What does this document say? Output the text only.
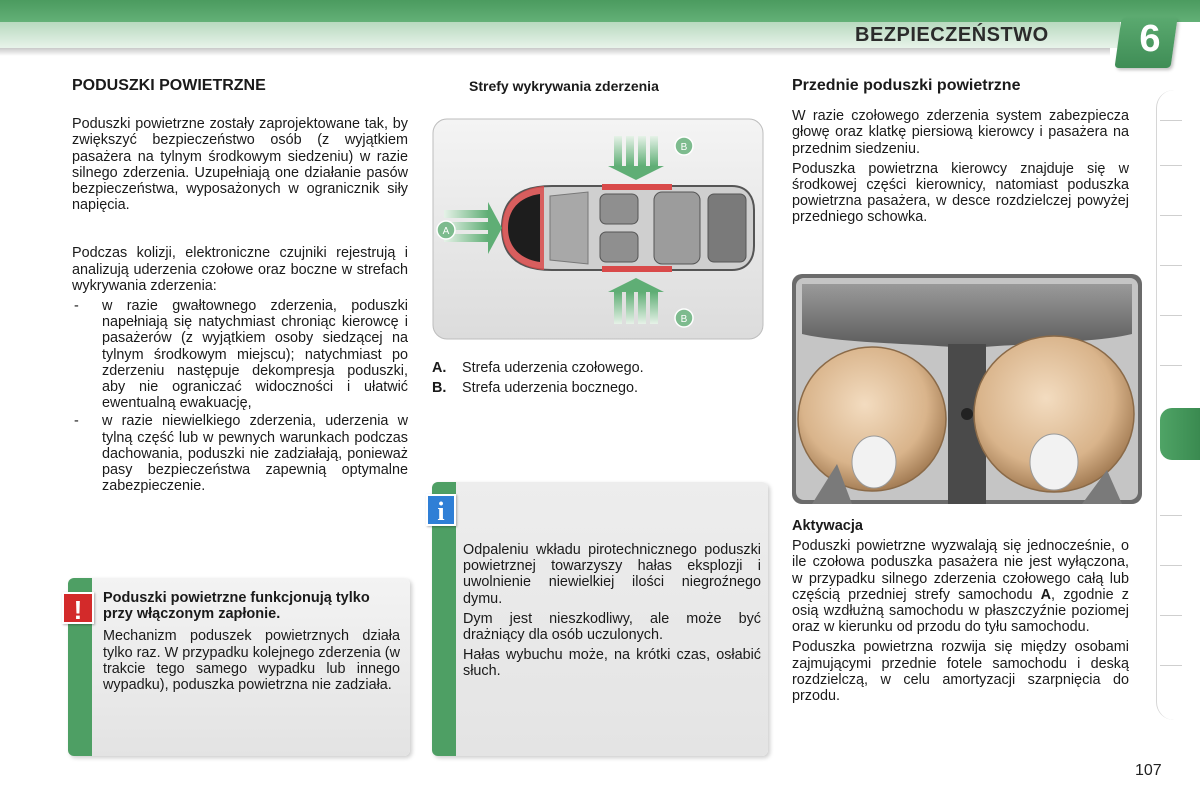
BEZPIECZEŃSTWO 6
PODUSZKI POWIETRZNE

Poduszki powietrzne zostały zaprojektowane tak, by zwiększyć bezpieczeństwo osób (z wyjątkiem pasażera na tylnym środkowym siedzeniu) w razie silnego zderzenia. Uzupełniają one działanie pasów bezpieczeństwa, wyposażonych w ogranicznik siły napięcia.

Podczas kolizji, elektroniczne czujniki rejestrują i analizują uderzenia czołowe oraz boczne w strefach wykrywania zderzenia:

- w razie gwałtownego zderzenia, poduszki napełniają się natychmiast chroniąc kierowcę i pasażerów (z wyjątkiem osoby siedzącej na tylnym środkowym miejscu); natychmiast po zderzeniu następuje dekompresja poduszki, aby nie ograniczać widoczności i ułatwić ewentualną ewakuację,
- w razie niewielkiego zderzenia, uderzenia w tylną część lub w pewnych warunkach podczas dachowania, poduszki nie zadziałają, ponieważ pasy bezpieczeństwa zapewnią optymalne zabezpieczenie.
!	Poduszki powietrzne funkcjonują tylko przy włączonym zapłonie.

Mechanizm poduszek powietrznych działa tylko raz. W przypadku kolejnego zderzenia (w trakcie tego samego wypadku lub innego wypadku), poduszka powietrzna nie zadziała.

Strefy wykrywania zderzenia
A
B
B
A.	Strefa uderzenia czołowego.
B.	Strefa uderzenia bocznego.
i

Odpaleniu wkładu pirotechnicznego poduszki powietrznej towarzyszy hałas eksplozji i uwolnienie niewielkiej ilości niegroźnego dymu.

Dym jest nieszkodliwy, ale może być drażniący dla osób uczulonych.

Hałas wybuchu może, na krótki czas, osłabić słuch.

Przednie poduszki powietrzne

W razie czołowego zderzenia system zabezpiecza głowę oraz klatkę piersiową kierowcy i pasażera na przednim siedzeniu.

Poduszka powietrzna kierowcy znajduje się w środkowej części kierownicy, natomiast poduszka powietrzna pasażera, w desce rozdzielczej powyżej przedniego schowka.

Aktywacja

Poduszki powietrzne wyzwalają się jednocześnie, o ile czołowa poduszka pasażera nie jest wyłączona, w przypadku silnego zderzenia czołowego całą lub częścią przedniej strefy samochodu A, zgodnie z osią wzdłużną samochodu w płaszczyźnie poziomej oraz w kierunku od przodu do tyłu samochodu.

Poduszka powietrzna rozwija się między osobami zajmującymi przednie fotele samochodu i deską rozdzielczą, w celu amortyzacji szarpnięcia do przodu.

107
